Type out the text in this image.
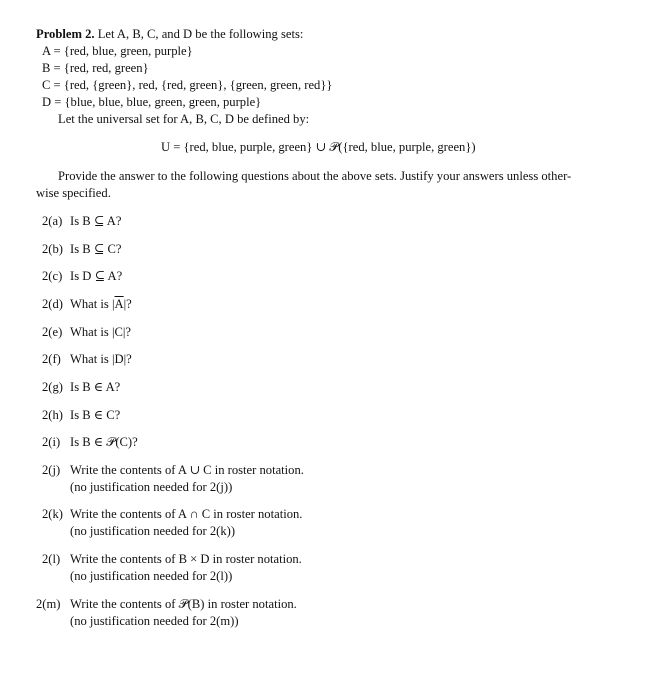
Problem 2. Let A, B, C, and D be the following sets:
A = {red, blue, green, purple}
B = {red, red, green}
C = {red, {green}, red, {red, green}, {green, green, red}}
D = {blue, blue, blue, green, green, purple}
Let the universal set for A, B, C, D be defined by:
U = {red, blue, purple, green} ∪ 𝒫({red, blue, purple, green})
Provide the answer to the following questions about the above sets. Justify your answers unless other-
wise specified.
2(a) Is B ⊆ A?
2(b) Is B ⊆ C?
2(c) Is D ⊆ A?
2(d) What is $|\overline{A}|$?
2(e) What is |C|?
2(f) What is |D|?
2(g) Is B ∈ A?
2(h) Is B ∈ C?
2(i) Is B ∈ 𝒫(C)?
2(j) Write the contents of A ∪ C in roster notation.
(no justification needed for 2(j))
2(k) Write the contents of A ∩ C in roster notation.
(no justification needed for 2(k))
2(l) Write the contents of B × D in roster notation.
(no justification needed for 2(l))
2(m) Write the contents of 𝒫(B) in roster notation.
(no justification needed for 2(m))
